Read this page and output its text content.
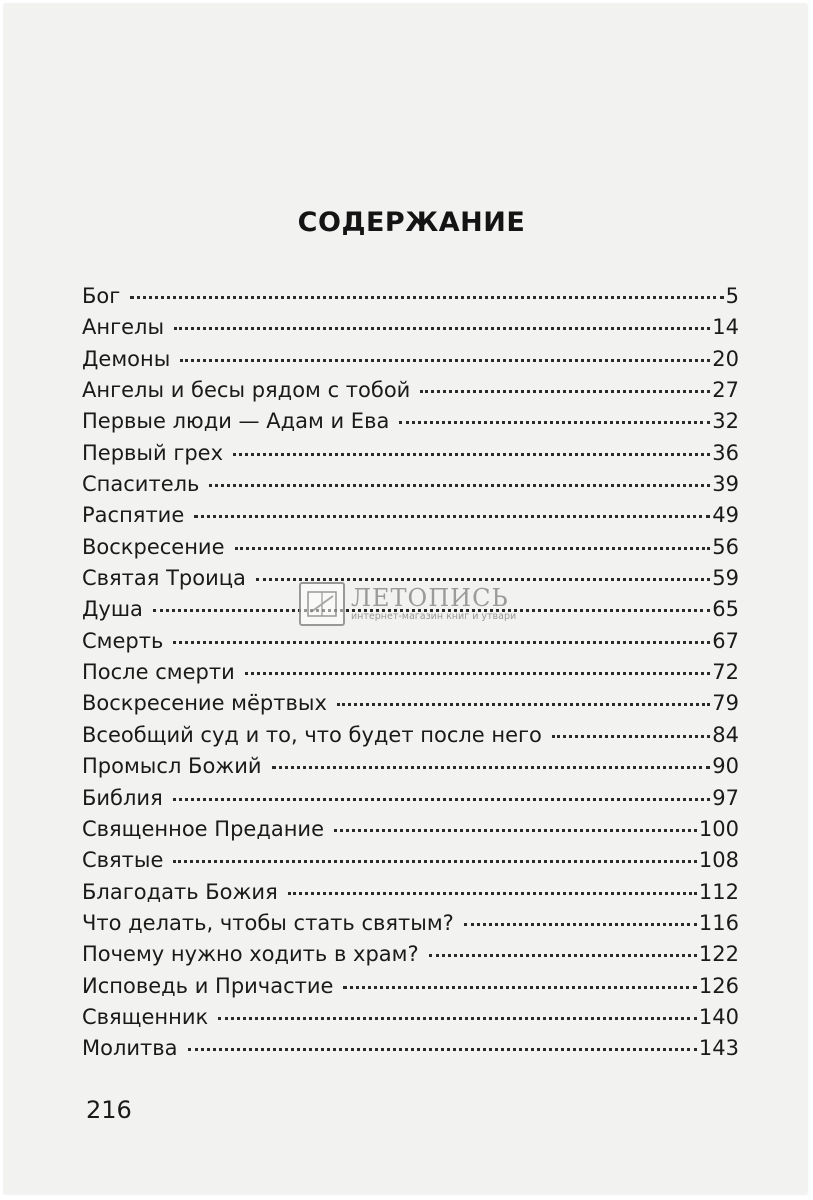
СОДЕРЖАНИЕ
Бог	5
Ангелы	14
Демоны	20
Ангелы и бесы рядом с тобой	27
Первые люди — Адам и Ева	32
Первый грех	36
Спаситель	39
Распятие	49
Воскресение	56
Святая Троица	59
Душа	65
Смерть	67
После смерти	72
Воскресение мёртвых	79
Всеобщий суд и то, что будет после него	84
Промысл Божий	90
Библия	97
Священное Предание	100
Святые	108
Благодать Божия	112
Что делать, чтобы стать святым?	116
Почему нужно ходить в храм?	122
Исповедь и Причастие	126
Священник	140
Молитва	143
216
ЛЕТОПИСЬ
интернет-магазин книг и утвари
